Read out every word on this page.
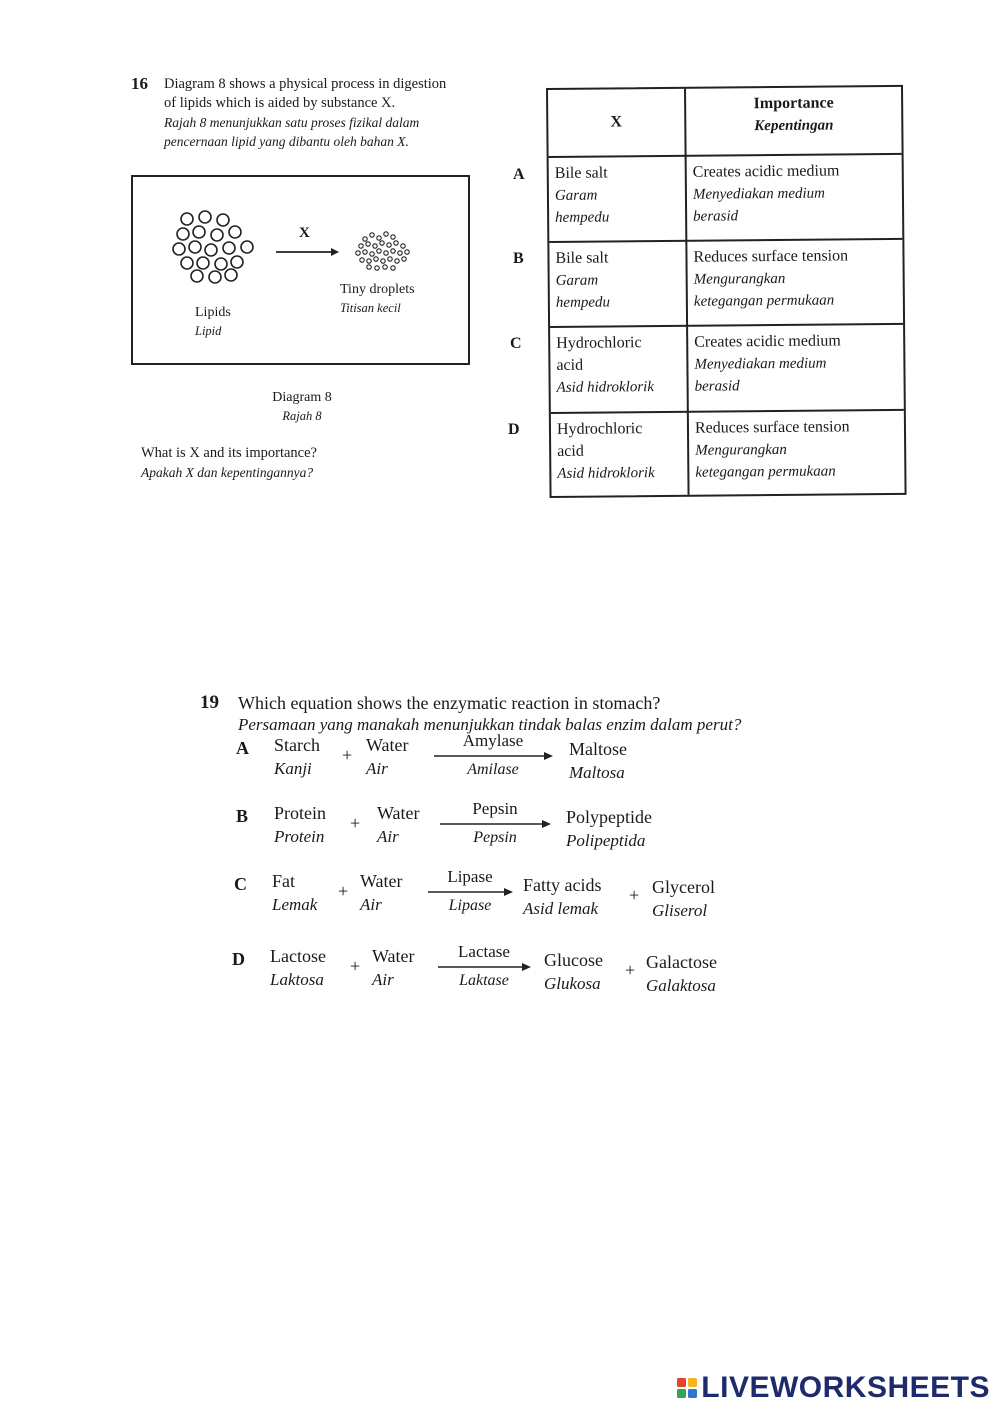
16 Diagram 8 shows a physical process in digestion
of lipids which is aided by substance X.
Rajah 8 menunjukkan satu proses fizikal dalam
pencernaan lipid yang dibantu oleh bahan X.
X
Lipids
Lipid
Tiny droplets
Titisan kecil
Diagram 8
Rajah 8
What is X and its importance?
Apakah X dan kepentingannya?
A
B
C
D
X
Importance
Kepentingan
Bile salt
Garam
hempedu
Creates acidic medium
Menyediakan medium
berasid
Bile salt
Garam
hempedu
Reduces surface tension
Mengurangkan
ketegangan permukaan
Hydrochloric
acid
Asid hidroklorik
Creates acidic medium
Menyediakan medium
berasid
Hydrochloric
acid
Asid hidroklorik
Reduces surface tension
Mengurangkan
ketegangan permukaan
19 Which equation shows the enzymatic reaction in stomach?
Persamaan yang manakah menunjukkan tindak balas enzim dalam perut?
A Starch
Kanji
+ Water
Air
Amylase
Amilase
Maltose
Maltosa
B Protein
Protein
+ Water
Air
Pepsin
Pepsin
Polypeptide
Polipeptida
C Fat
Lemak
+ Water
Air
Lipase
Lipase
Fatty acids
Asid lemak
+ Glycerol
Gliserol
D Lactose
Laktosa
+ Water
Air
Lactase
Laktase
Glucose
Glukosa
+ Galactose
Galaktosa
LIVEWORKSHEETS
